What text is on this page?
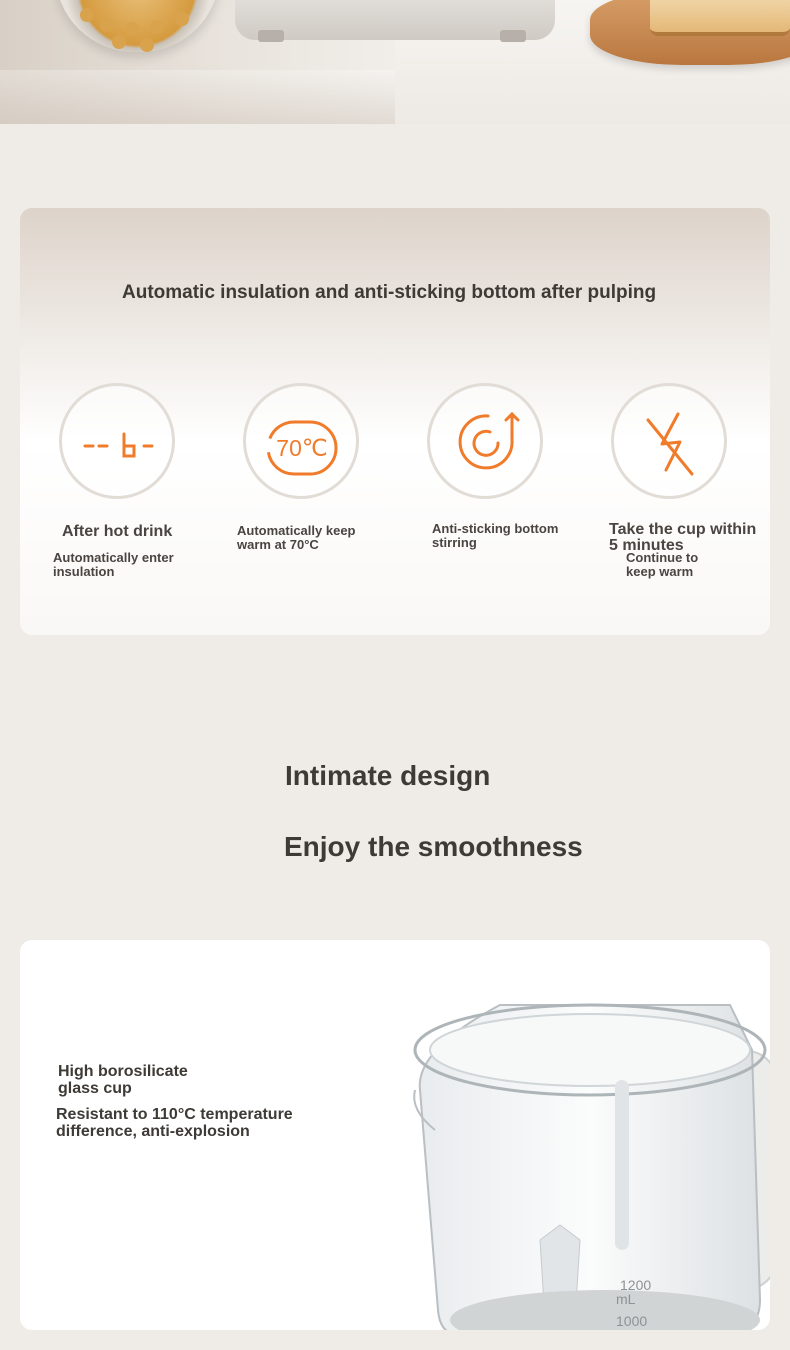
Automatic insulation and anti-sticking bottom after pulping
After hot drink
Automatically enter
insulation
70℃
Automatically keep
warm at 70°C
Anti-sticking bottom
stirring
Take the cup within
5 minutes
Continue to
keep warm
Intimate design
Enjoy the smoothness
High borosilicate
glass cup
Resistant to 110°C temperature
difference, anti-explosion
1200
mL
1000
